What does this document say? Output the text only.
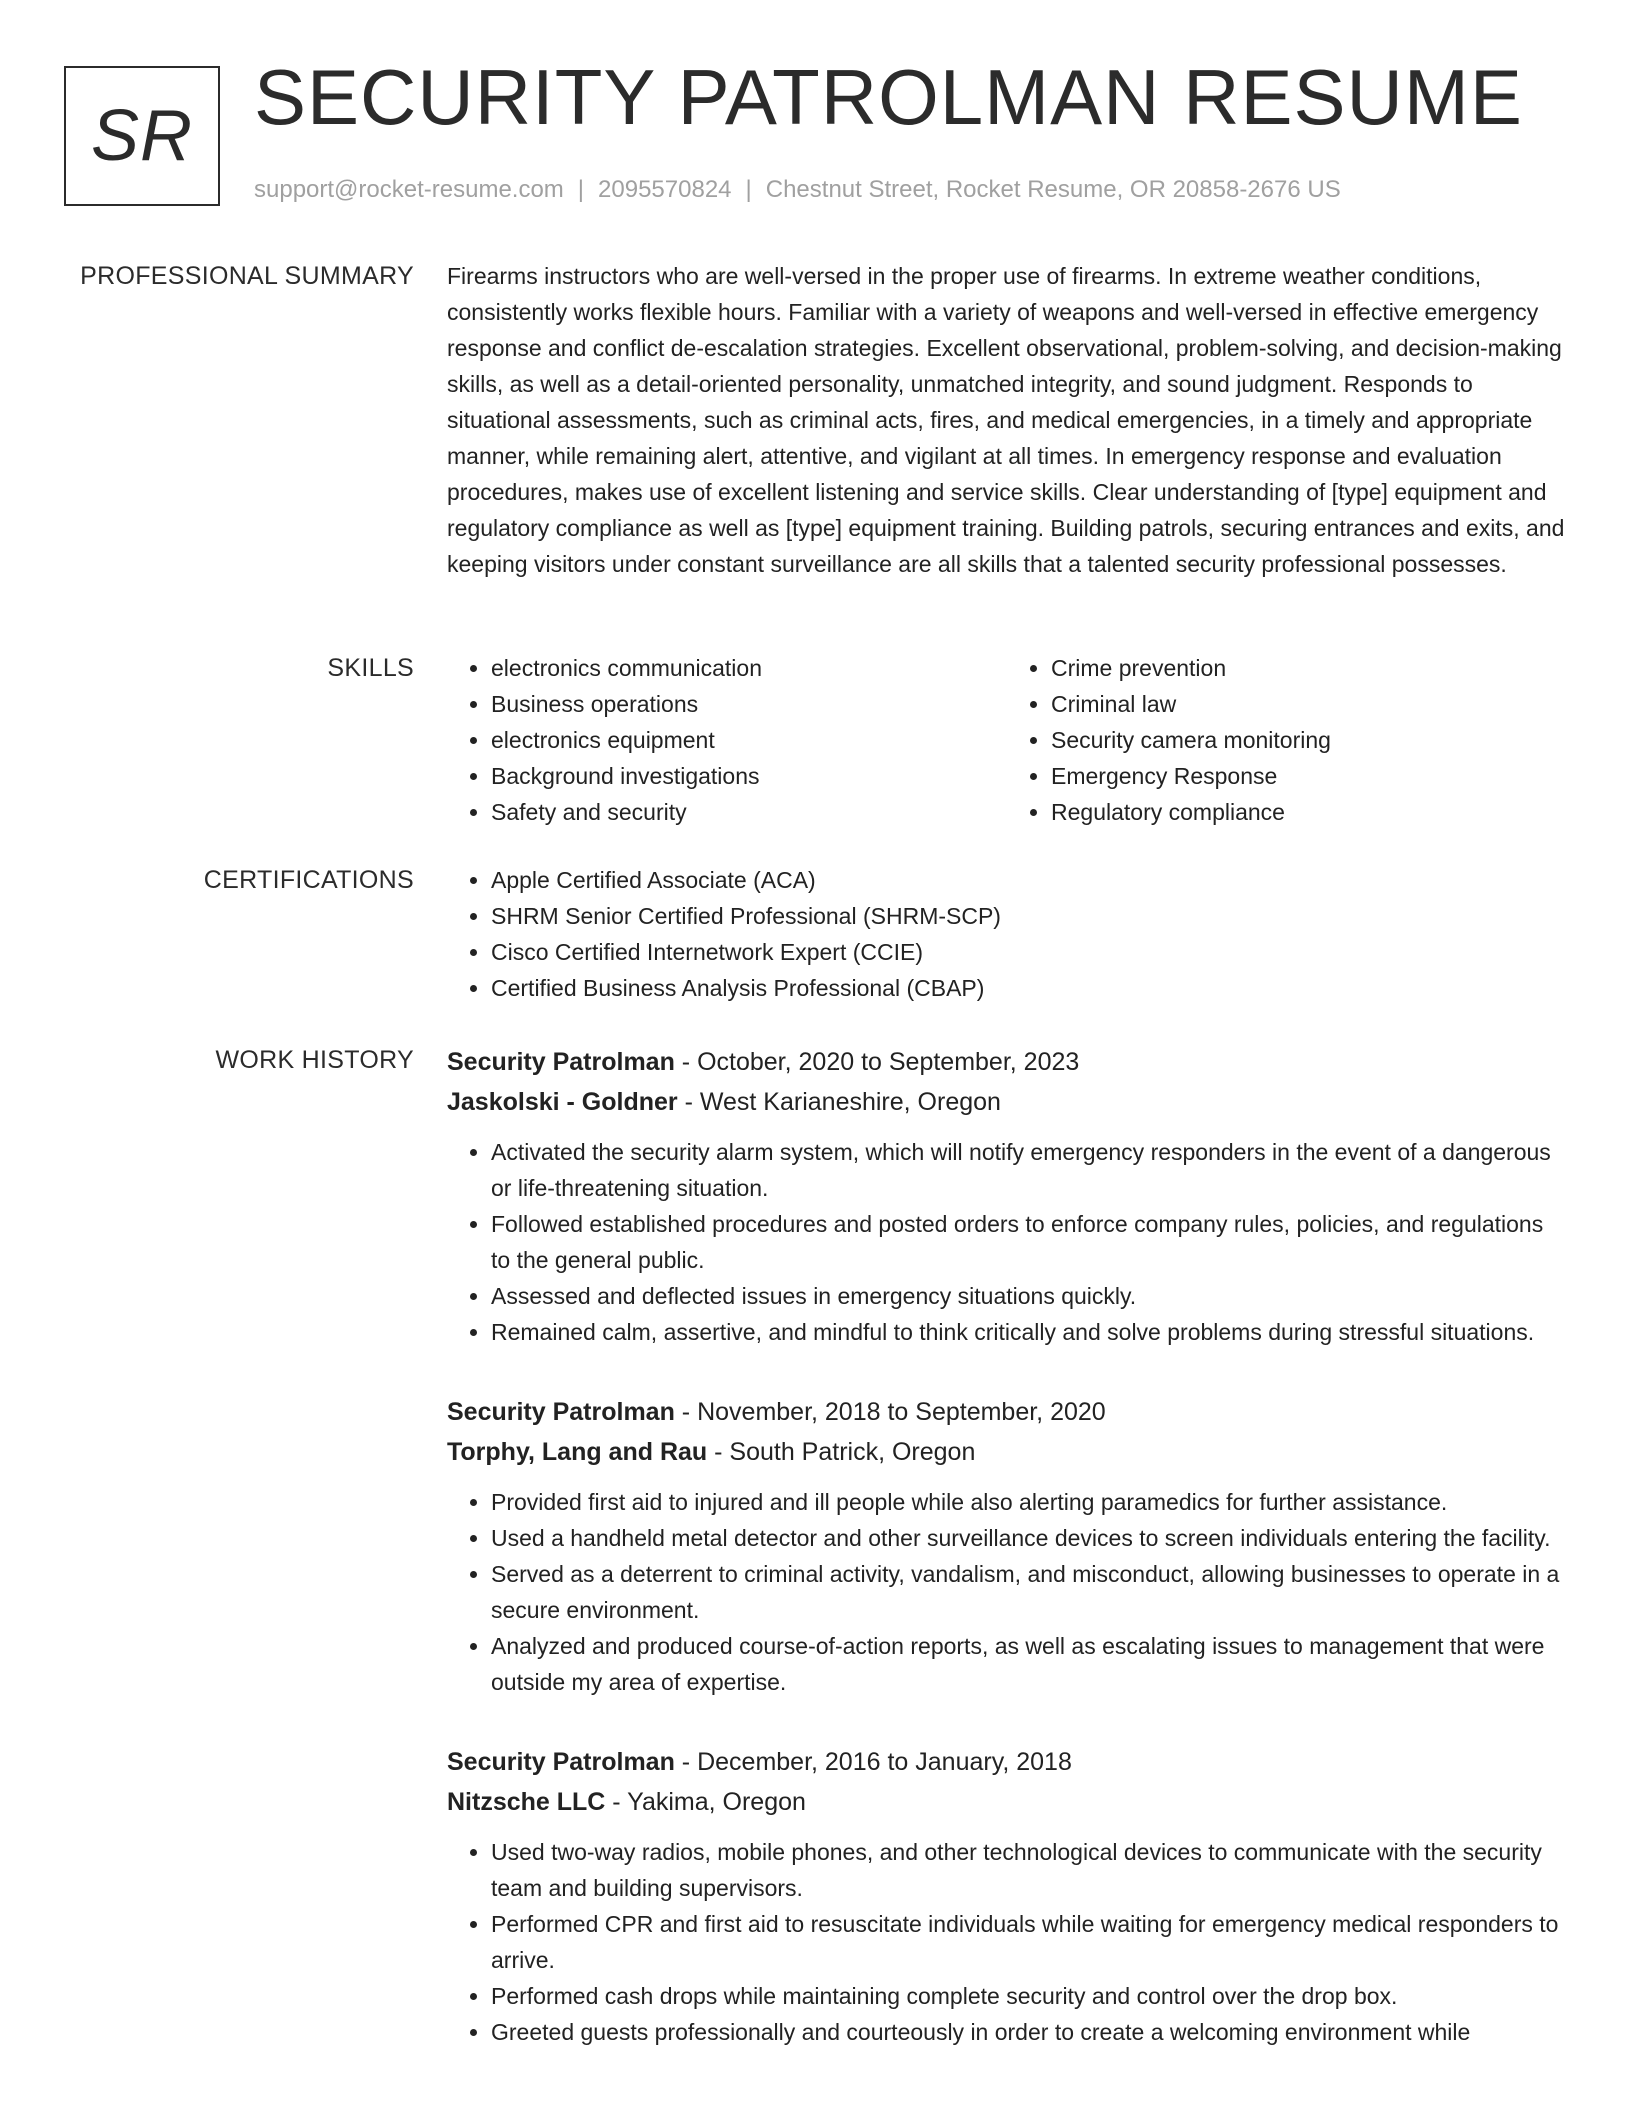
SR SECURITY PATROLMAN RESUME
support@rocket-resume.com | 2095570824 | Chestnut Street, Rocket Resume, OR 20858-2676 US
PROFESSIONAL SUMMARY Firearms instructors who are well-versed in the proper use of firearms. In extreme weather conditions, consistently works flexible hours. Familiar with a variety of weapons and well-versed in effective emergency response and conflict de-escalation strategies. Excellent observational, problem-solving, and decision-making skills, as well as a detail-oriented personality, unmatched integrity, and sound judgment. Responds to situational assessments, such as criminal acts, fires, and medical emergencies, in a timely and appropriate manner, while remaining alert, attentive, and vigilant at all times. In emergency response and evaluation procedures, makes use of excellent listening and service skills. Clear understanding of [type] equipment and regulatory compliance as well as [type] equipment training. Building patrols, securing entrances and exits, and keeping visitors under constant surveillance are all skills that a talented security professional possesses.

SKILLS	• electronics communication
• Business operations
• electronics equipment
• Background investigations
• Safety and security
• Crime prevention
• Criminal law
• Security camera monitoring
• Emergency Response
• Regulatory compliance
CERTIFICATIONS	• Apple Certified Associate (ACA)
• SHRM Senior Certified Professional (SHRM-SCP)
• Cisco Certified Internetwork Expert (CCIE)
• Certified Business Analysis Professional (CBAP)
WORK HISTORY Security Patrolman - October, 2020 to September, 2023
Jaskolski - Goldner - West Karianeshire, Oregon
• Activated the security alarm system, which will notify emergency responders in the event of a dangerous or life-threatening situation.
• Followed established procedures and posted orders to enforce company rules, policies, and regulations to the general public.
• Assessed and deflected issues in emergency situations quickly.
• Remained calm, assertive, and mindful to think critically and solve problems during stressful situations.
Security Patrolman - November, 2018 to September, 2020
Torphy, Lang and Rau - South Patrick, Oregon
• Provided first aid to injured and ill people while also alerting paramedics for further assistance.
• Used a handheld metal detector and other surveillance devices to screen individuals entering the facility.
• Served as a deterrent to criminal activity, vandalism, and misconduct, allowing businesses to operate in a secure environment.
• Analyzed and produced course-of-action reports, as well as escalating issues to management that were outside my area of expertise.
Security Patrolman - December, 2016 to January, 2018
Nitzsche LLC - Yakima, Oregon
• Used two-way radios, mobile phones, and other technological devices to communicate with the security team and building supervisors.
• Performed CPR and first aid to resuscitate individuals while waiting for emergency medical responders to arrive.
• Performed cash drops while maintaining complete security and control over the drop box.
• Greeted guests professionally and courteously in order to create a welcoming environment while
